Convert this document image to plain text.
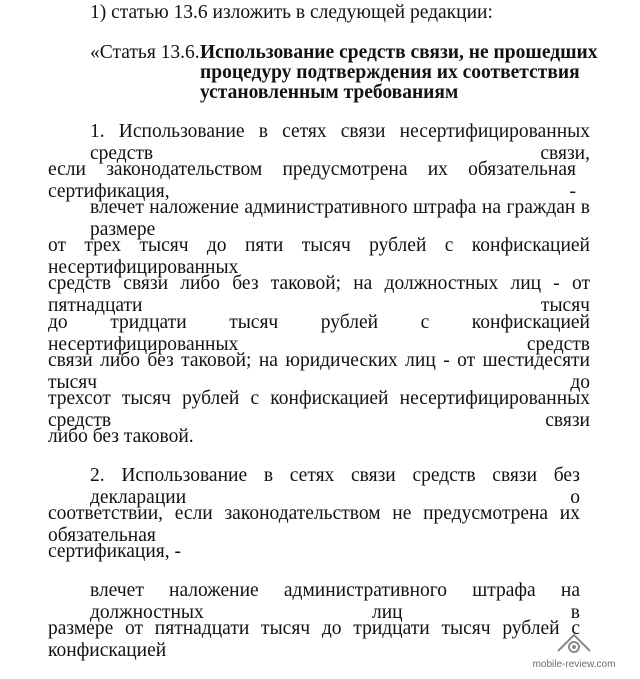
1) статью 13.6 изложить в следующей редакции:
«Статья 13.6. Использование средств связи, не прошедших
процедуру подтверждения их соответствия
установленным требованиям
1. Использование в сетях связи несертифицированных средств связи,
если законодательством предусмотрена их обязательная сертификация, -
влечет наложение административного штрафа на граждан в размере
от трех тысяч до пяти тысяч рублей с конфискацией несертифицированных
средств связи либо без таковой; на должностных лиц - от пятнадцати тысяч
до тридцати тысяч рублей с конфискацией несертифицированных средств
связи либо без таковой; на юридических лиц - от шестидесяти тысяч до
трехсот тысяч рублей с конфискацией несертифицированных средств связи
либо без таковой.
2. Использование в сетях связи средств связи без декларации о
соответствии, если законодательством не предусмотрена их обязательная
сертификация, -
влечет наложение административного штрафа на должностных лиц в
размере от пятнадцати тысяч до тридцати тысяч рублей с конфискацией
mobile-review.com
